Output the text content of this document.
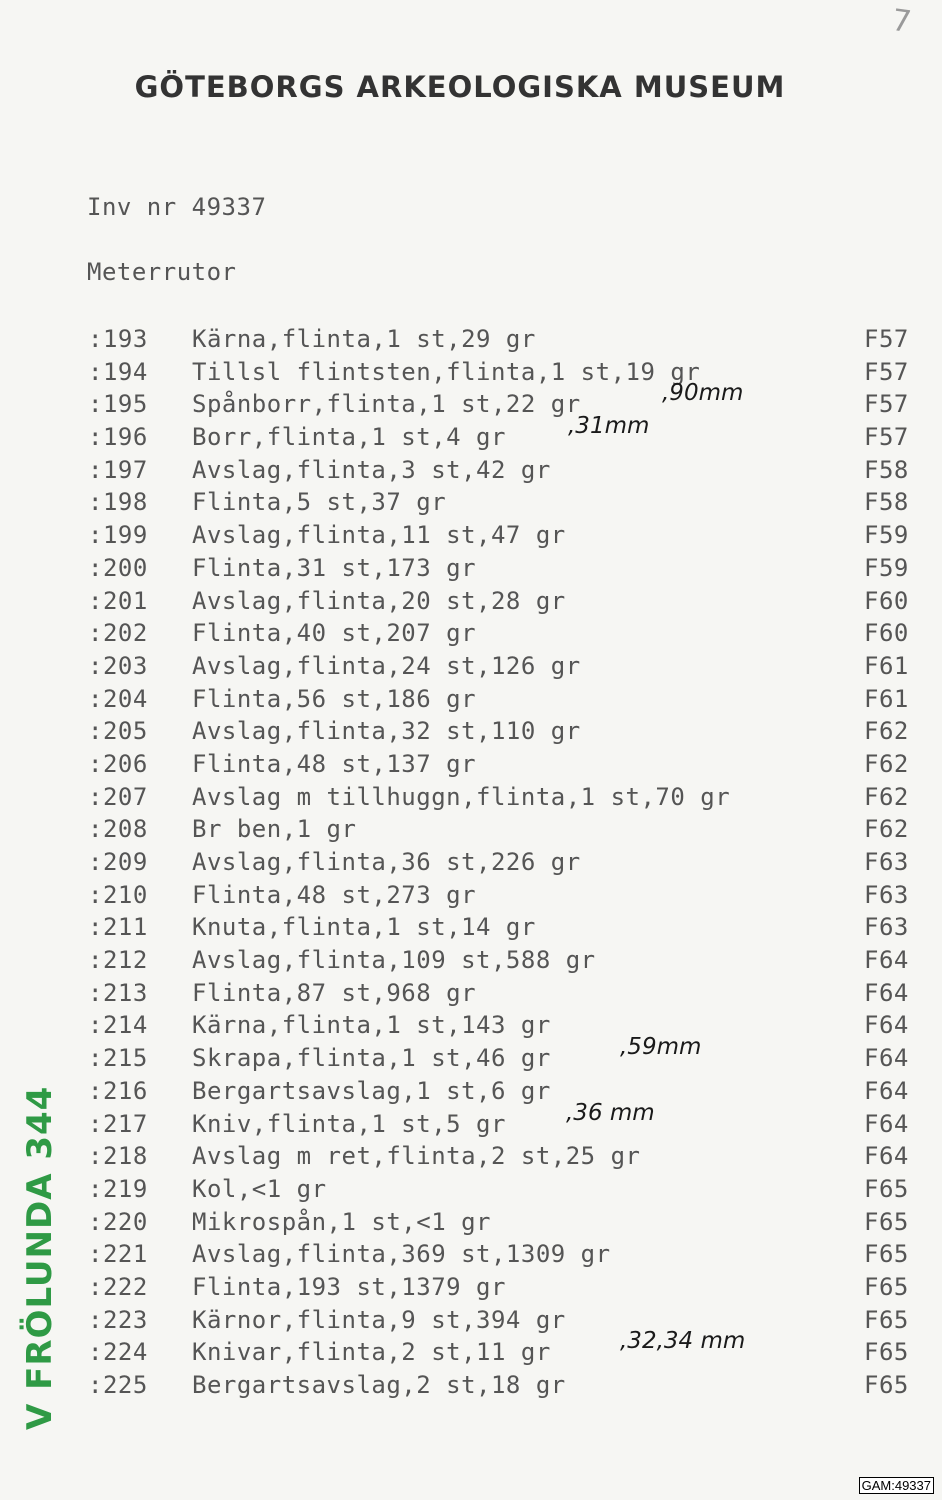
7
GÖTEBORGS ARKEOLOGISKA MUSEUM
Inv nr 49337
Meterrutor
:193 Kärna,flinta,1 st,29 gr	F57
:194 Tillsl flintsten,flinta,1 st,19 gr	F57
:195 Spånborr,flinta,1 st,22 gr	F57
,90mm
:196 Borr,flinta,1 st,4 gr	F57
,31mm
:197 Avslag,flinta,3 st,42 gr	F58
:198 Flinta,5 st,37 gr	F58
:199 Avslag,flinta,11 st,47 gr	F59
:200 Flinta,31 st,173 gr	F59
:201 Avslag,flinta,20 st,28 gr	F60
:202 Flinta,40 st,207 gr	F60
:203 Avslag,flinta,24 st,126 gr	F61
:204 Flinta,56 st,186 gr	F61
:205 Avslag,flinta,32 st,110 gr	F62
:206 Flinta,48 st,137 gr	F62
:207 Avslag m tillhuggn,flinta,1 st,70 gr	F62
:208 Br ben,1 gr	F62
:209 Avslag,flinta,36 st,226 gr	F63
:210 Flinta,48 st,273 gr	F63
:211 Knuta,flinta,1 st,14 gr	F63
:212 Avslag,flinta,109 st,588 gr	F64
:213 Flinta,87 st,968 gr	F64
:214 Kärna,flinta,1 st,143 gr	F64
:215 Skrapa,flinta,1 st,46 gr	F64
,59mm
:216 Bergartsavslag,1 st,6 gr	F64
:217 Kniv,flinta,1 st,5 gr	F64
,36 mm
:218 Avslag m ret,flinta,2 st,25 gr	F64
:219 Kol,<1 gr	F65
:220 Mikrospån,1 st,<1 gr	F65
:221 Avslag,flinta,369 st,1309 gr	F65
:222 Flinta,193 st,1379 gr	F65
:223 Kärnor,flinta,9 st,394 gr	F65
:224 Knivar,flinta,2 st,11 gr	F65
,32,34 mm
:225 Bergartsavslag,2 st,18 gr	F65
V FRÖLUNDA 344
GAM:49337
